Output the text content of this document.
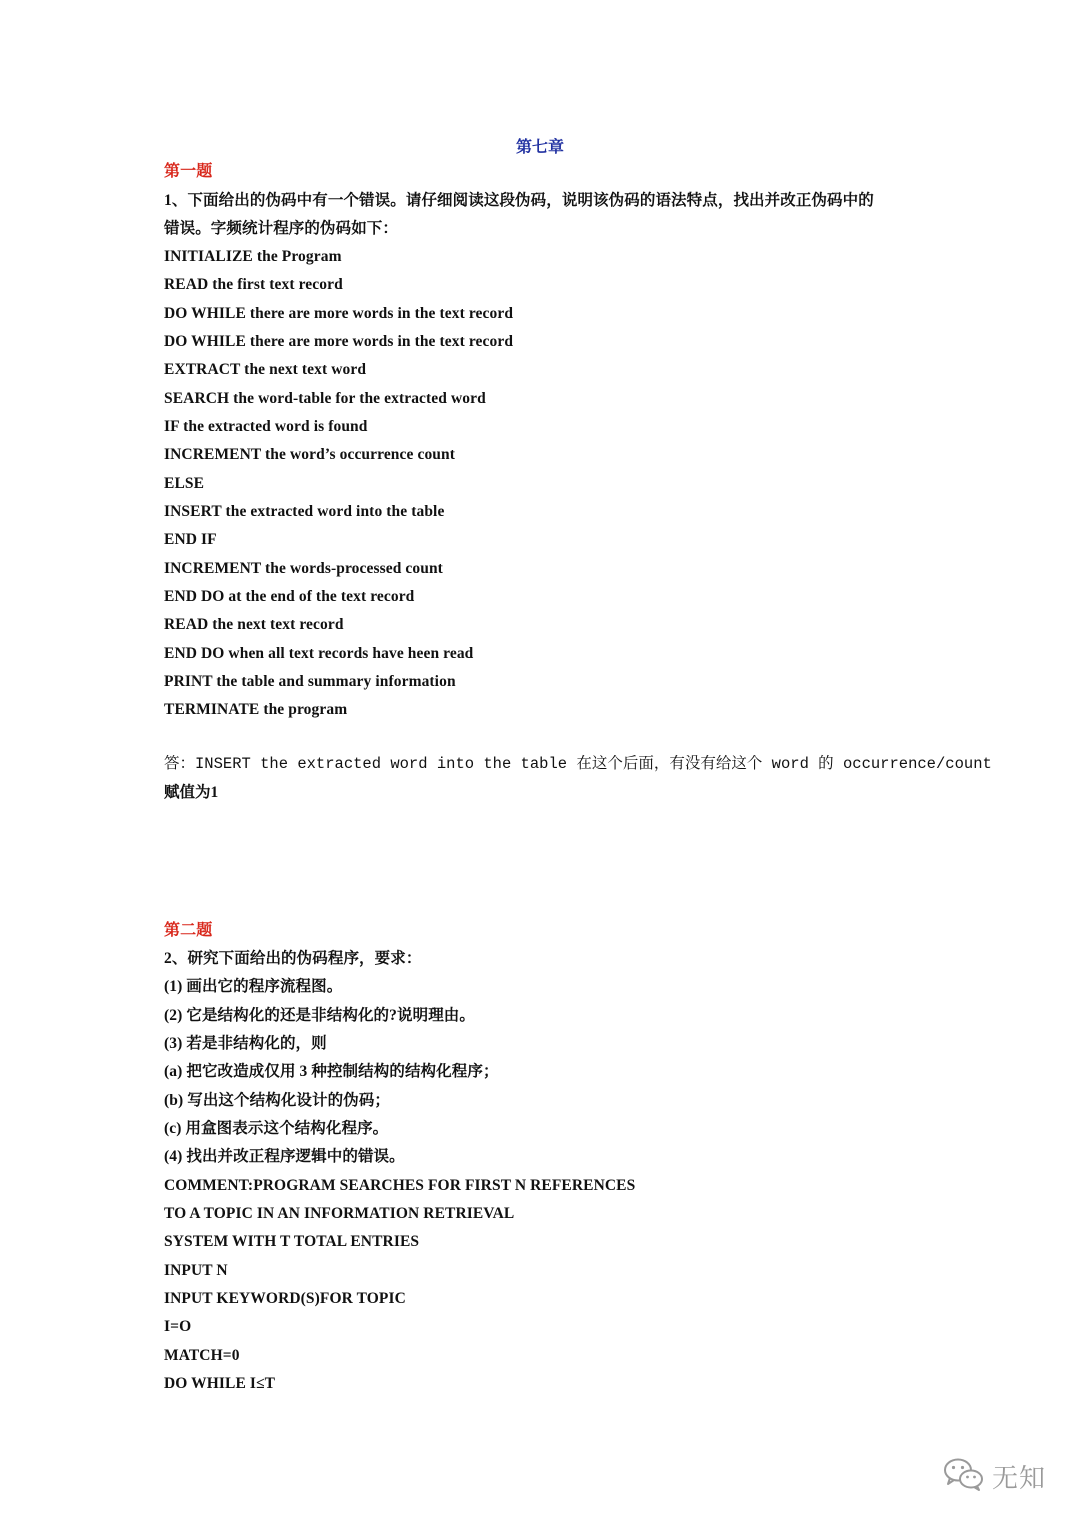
第七章
第一题
1、下面给出的伪码中有一个错误。请仔细阅读这段伪码，说明该伪码的语法特点，找出并改正伪码中的
错误。字频统计程序的伪码如下：
INITIALIZE the Program
READ the first text record
DO WHILE there are more words in the text record
DO WHILE there are more words in the text record
EXTRACT the next text word
SEARCH the word-table for the extracted word
IF the extracted word is found
INCREMENT the word’s occurrence count
ELSE
INSERT the extracted word into the table
END IF
INCREMENT the words-processed count
END DO at the end of the text record
READ the next text record
END DO when all text records have heen read
PRINT the table and summary information
TERMINATE the program
答：INSERT the extracted word into the table 在这个后面，有没有给这个 word 的 occurrence/count
赋值为1
第二题
2、研究下面给出的伪码程序，要求：
(1) 画出它的程序流程图。
(2) 它是结构化的还是非结构化的?说明理由。
(3) 若是非结构化的，则
(a) 把它改造成仅用 3 种控制结构的结构化程序；
(b) 写出这个结构化设计的伪码；
(c) 用盒图表示这个结构化程序。
(4) 找出并改正程序逻辑中的错误。
COMMENT:PROGRAM SEARCHES FOR FIRST N REFERENCES
TO A TOPIC IN AN INFORMATION RETRIEVAL
SYSTEM WITH T TOTAL ENTRIES
INPUT N
INPUT KEYWORD(S)FOR TOPIC
I=O
MATCH=0
DO WHILE I≤T
无知
